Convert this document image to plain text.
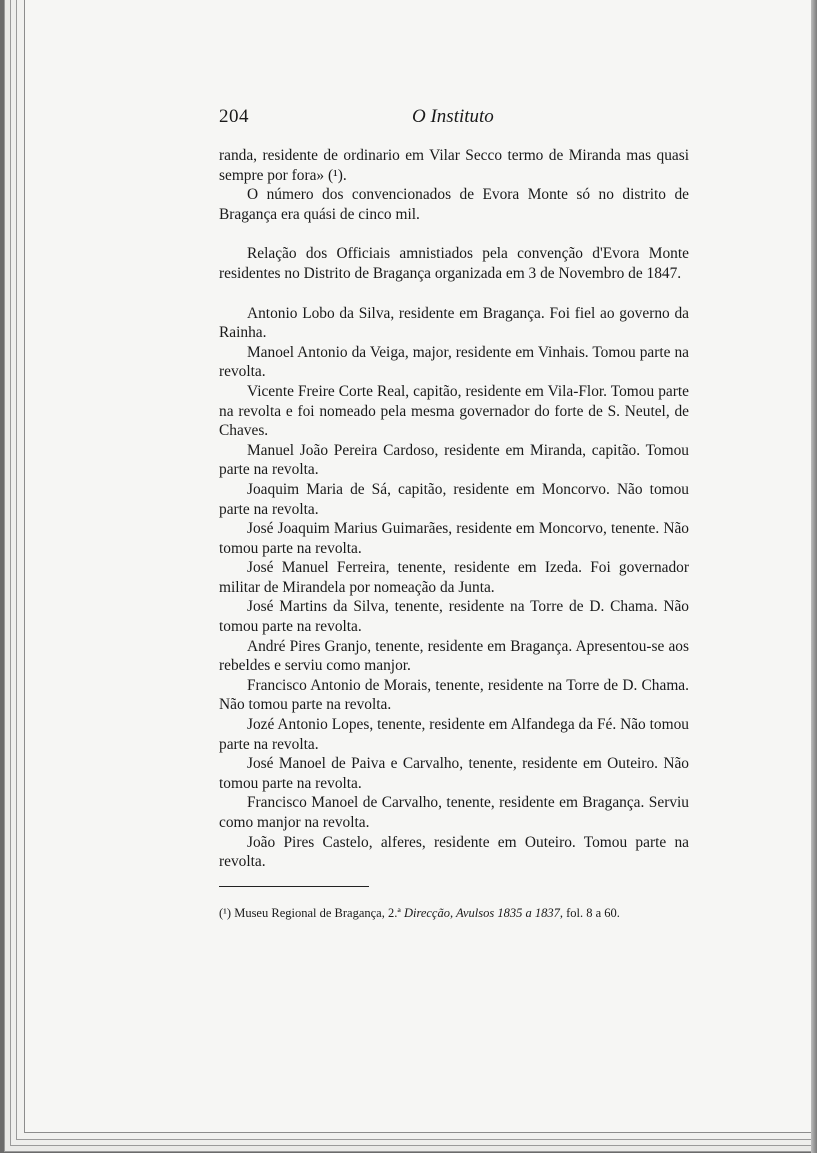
204	O Instituto

randa, residente de ordinario em Vilar Secco termo de Miranda mas quasi sempre por fora» (¹).

O número dos convencionados de Evora Monte só no distrito de Bragança era quási de cinco mil.

Relação dos Officiais amnistiados pela convenção d'Evora Monte residentes no Distrito de Bragança organizada em 3 de Novembro de 1847.

Antonio Lobo da Silva, residente em Bragança. Foi fiel ao governo da Rainha.

Manoel Antonio da Veiga, major, residente em Vinhais. Tomou parte na revolta.

Vicente Freire Corte Real, capitão, residente em Vila-Flor. Tomou parte na revolta e foi nomeado pela mesma governador do forte de S. Neutel, de Chaves.

Manuel João Pereira Cardoso, residente em Miranda, capitão. Tomou parte na revolta.

Joaquim Maria de Sá, capitão, residente em Moncorvo. Não tomou parte na revolta.

José Joaquim Marius Guimarães, residente em Moncorvo, tenente. Não tomou parte na revolta.

José Manuel Ferreira, tenente, residente em Izeda. Foi governador militar de Mirandela por nomeação da Junta.

José Martins da Silva, tenente, residente na Torre de D. Chama. Não tomou parte na revolta.

André Pires Granjo, tenente, residente em Bragança. Apresentou-se aos rebeldes e serviu como manjor.

Francisco Antonio de Morais, tenente, residente na Torre de D. Chama. Não tomou parte na revolta.

Jozé Antonio Lopes, tenente, residente em Alfandega da Fé. Não tomou parte na revolta.

José Manoel de Paiva e Carvalho, tenente, residente em Outeiro. Não tomou parte na revolta.

Francisco Manoel de Carvalho, tenente, residente em Bragança. Serviu como manjor na revolta.

João Pires Castelo, alferes, residente em Outeiro. Tomou parte na revolta.

(¹) Museu Regional de Bragança, 2.ª Direcção, Avulsos 1835 a 1837, fol. 8 a 60.
